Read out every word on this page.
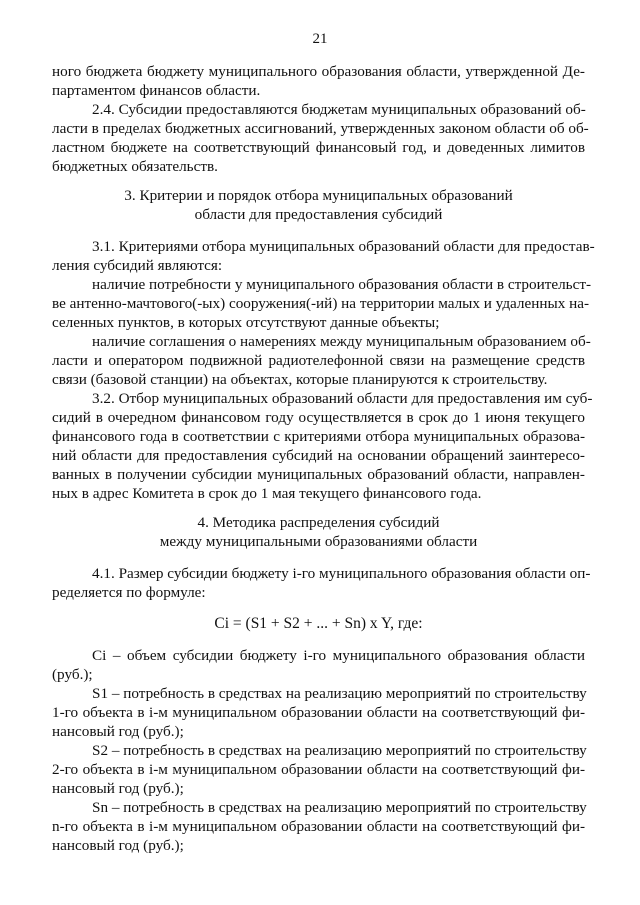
21
ного бюджета бюджету муниципального образования области, утвержденной Де-
партаментом финансов области.
2.4. Субсидии предоставляются бюджетам муниципальных образований об-
ласти в пределах бюджетных ассигнований, утвержденных законом области об об-
ластном бюджете на соответствующий финансовый год, и доведенных лимитов
бюджетных обязательств.
3. Критерии и порядок отбора муниципальных образований
области для предоставления субсидий
3.1. Критериями отбора муниципальных образований области для предостав-
ления субсидий являются:
наличие потребности у муниципального образования области в строительст-
ве антенно-мачтового(-ых) сооружения(-ий) на территории малых и удаленных на-
селенных пунктов, в которых отсутствуют данные объекты;
наличие соглашения о намерениях между муниципальным образованием об-
ласти и оператором подвижной радиотелефонной связи на размещение средств
связи (базовой станции) на объектах, которые планируются к строительству.
3.2. Отбор муниципальных образований области для предоставления им суб-
сидий в очередном финансовом году осуществляется в срок до 1 июня текущего
финансового года в соответствии с критериями отбора муниципальных образова-
ний области для предоставления субсидий на основании обращений заинтересо-
ванных в получении субсидии муниципальных образований области, направлен-
ных в адрес Комитета в срок до 1 мая текущего финансового года.
4. Методика распределения субсидий
между муниципальными образованиями области
4.1. Размер субсидии бюджету i-го муниципального образования области оп-
ределяется по формуле:
Ci = (S1 + S2 + ... + Sn) x Y, где:
Ci – объем субсидии бюджету i-го муниципального образования области
(руб.);
S1 – потребность в средствах на реализацию мероприятий по строительству
1-го объекта в i-м муниципальном образовании области на соответствующий фи-
нансовый год (руб.);
S2 – потребность в средствах на реализацию мероприятий по строительству
2-го объекта в i-м муниципальном образовании области на соответствующий фи-
нансовый год (руб.);
Sn – потребность в средствах на реализацию мероприятий по строительству
n-го объекта в i-м муниципальном образовании области на соответствующий фи-
нансовый год (руб.);
